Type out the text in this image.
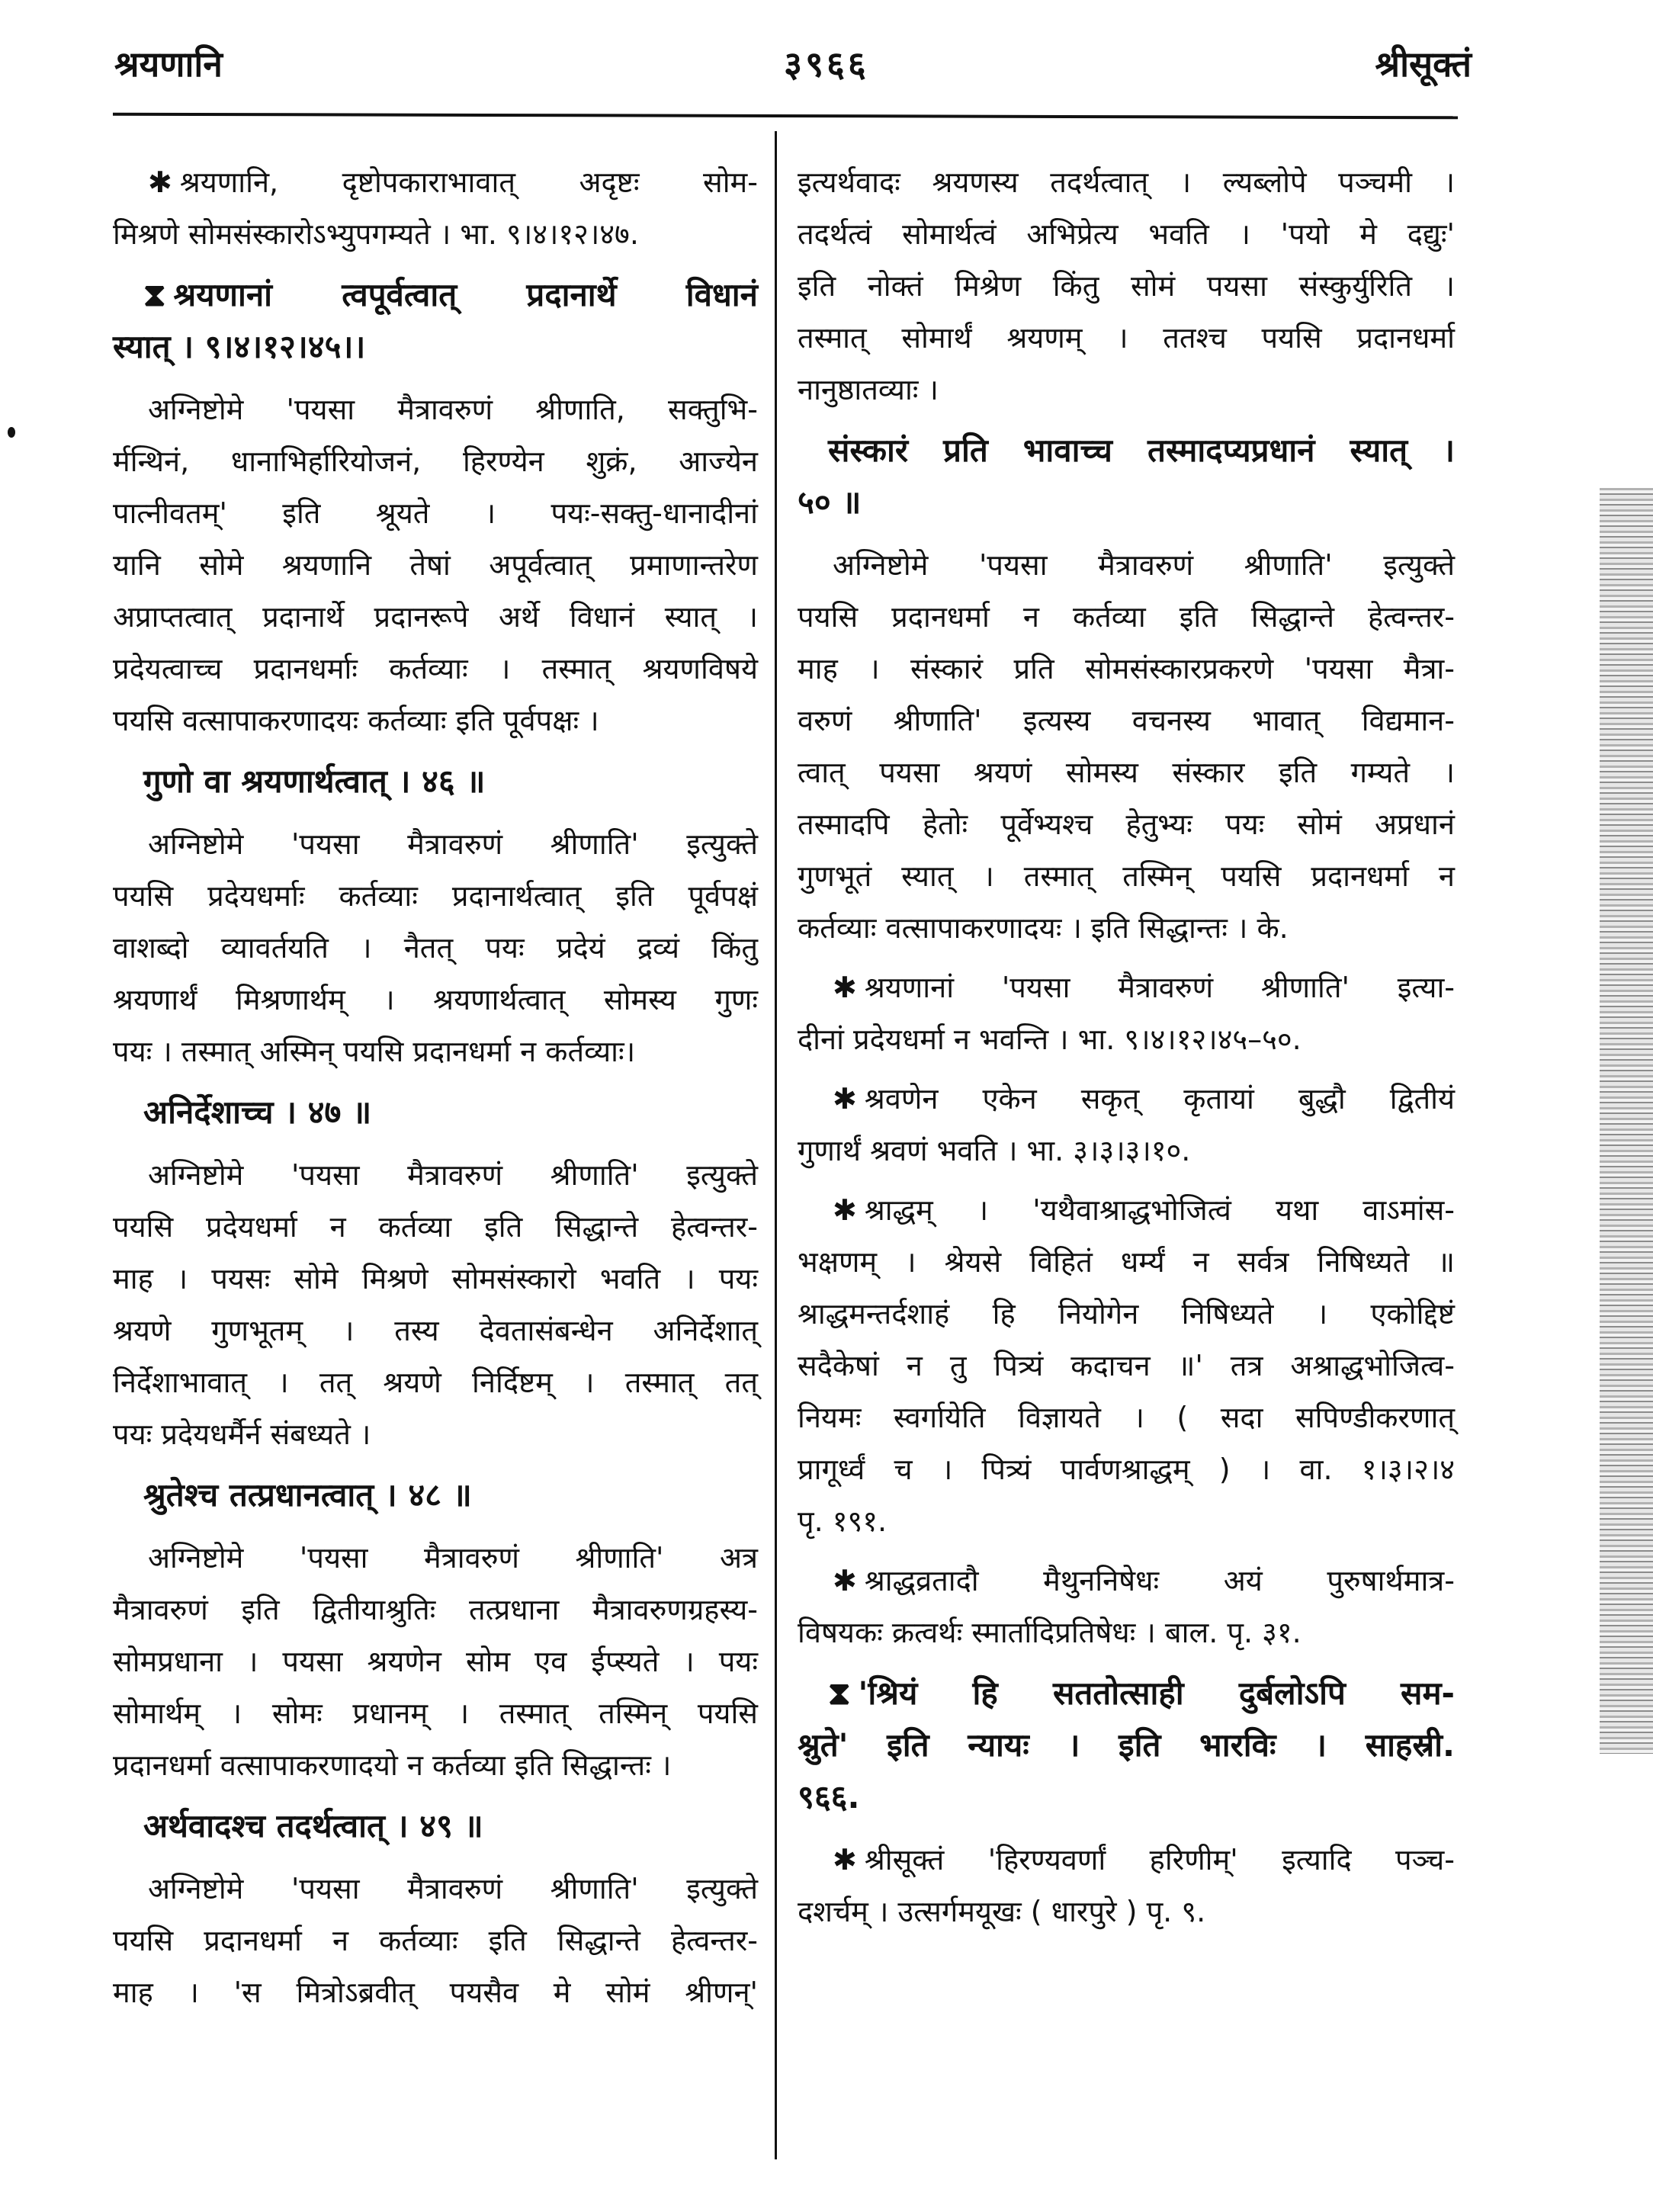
श्रयणानि	३९६६	श्रीसूक्तं
✱ श्रयणानि, दृष्टोपकाराभावात् अदृष्टः सोम-
मिश्रणे सोमसंस्कारोऽभ्युपगम्यते । भा. ९।४।१२।४७.
⧗ श्रयणानां त्वपूर्वत्वात् प्रदानार्थे विधानं
स्यात् । ९।४।१२।४५।।
अग्निष्टोमे 'पयसा मैत्रावरुणं श्रीणाति, सक्तुभि-
र्मन्थिनं, धानाभिर्हारियोजनं, हिरण्येन शुक्रं, आज्येन
पात्नीवतम्' इति श्रूयते । पयः-सक्तु-धानादीनां
यानि सोमे श्रयणानि तेषां अपूर्वत्वात् प्रमाणान्तरेण
अप्राप्तत्वात् प्रदानार्थे प्रदानरूपे अर्थे विधानं स्यात् ।
प्रदेयत्वाच्च प्रदानधर्माः कर्तव्याः । तस्मात् श्रयणविषये
पयसि वत्सापाकरणादयः कर्तव्याः इति पूर्वपक्षः ।
गुणो वा श्रयणार्थत्वात् । ४६ ॥
अग्निष्टोमे 'पयसा मैत्रावरुणं श्रीणाति' इत्युक्ते
पयसि प्रदेयधर्माः कर्तव्याः प्रदानार्थत्वात् इति पूर्वपक्षं
वाशब्दो व्यावर्तयति । नैतत् पयः प्रदेयं द्रव्यं किंतु
श्रयणार्थं मिश्रणार्थम् । श्रयणार्थत्वात् सोमस्य गुणः
पयः । तस्मात् अस्मिन् पयसि प्रदानधर्मा न कर्तव्याः।
अनिर्देशाच्च । ४७ ॥
अग्निष्टोमे 'पयसा मैत्रावरुणं श्रीणाति' इत्युक्ते
पयसि प्रदेयधर्मा न कर्तव्या इति सिद्धान्ते हेत्वन्तर-
माह । पयसः सोमे मिश्रणे सोमसंस्कारो भवति । पयः
श्रयणे गुणभूतम् । तस्य देवतासंबन्धेन अनिर्देशात्
निर्देशाभावात् । तत् श्रयणे निर्दिष्टम् । तस्मात् तत्
पयः प्रदेयधर्मैर्न संबध्यते ।
श्रुतेश्च तत्प्रधानत्वात् । ४८ ॥
अग्निष्टोमे 'पयसा मैत्रावरुणं श्रीणाति' अत्र
मैत्रावरुणं इति द्वितीयाश्रुतिः तत्प्रधाना मैत्रावरुणग्रहस्य-
सोमप्रधाना । पयसा श्रयणेन सोम एव ईप्स्यते । पयः
सोमार्थम् । सोमः प्रधानम् । तस्मात् तस्मिन् पयसि
प्रदानधर्मा वत्सापाकरणादयो न कर्तव्या इति सिद्धान्तः ।
अर्थवादश्च तदर्थत्वात् । ४९ ॥
अग्निष्टोमे 'पयसा मैत्रावरुणं श्रीणाति' इत्युक्ते
पयसि प्रदानधर्मा न कर्तव्याः इति सिद्धान्ते हेत्वन्तर-
माह । 'स मित्रोऽब्रवीत् पयसैव मे सोमं श्रीणन्'
इत्यर्थवादः श्रयणस्य तदर्थत्वात् । ल्यब्लोपे पञ्चमी ।
तदर्थत्वं सोमार्थत्वं अभिप्रेत्य भवति । 'पयो मे दद्युः'
इति नोक्तं मिश्रेण किंतु सोमं पयसा संस्कुर्युरिति ।
तस्मात् सोमार्थं श्रयणम् । ततश्च पयसि प्रदानधर्मा
नानुष्ठातव्याः ।
संस्कारं प्रति भावाच्च तस्मादप्यप्रधानं स्यात् ।
५० ॥
अग्निष्टोमे 'पयसा मैत्रावरुणं श्रीणाति' इत्युक्ते
पयसि प्रदानधर्मा न कर्तव्या इति सिद्धान्ते हेत्वन्तर-
माह । संस्कारं प्रति सोमसंस्कारप्रकरणे 'पयसा मैत्रा-
वरुणं श्रीणाति' इत्यस्य वचनस्य भावात् विद्यमान-
त्वात् पयसा श्रयणं सोमस्य संस्कार इति गम्यते ।
तस्मादपि हेतोः पूर्वेभ्यश्च हेतुभ्यः पयः सोमं अप्रधानं
गुणभूतं स्यात् । तस्मात् तस्मिन् पयसि प्रदानधर्मा न
कर्तव्याः वत्सापाकरणादयः । इति सिद्धान्तः । के.
✱ श्रयणानां 'पयसा मैत्रावरुणं श्रीणाति' इत्या-
दीनां प्रदेयधर्मा न भवन्ति । भा. ९।४।१२।४५–५०.
✱ श्रवणेन एकेन सकृत् कृतायां बुद्धौ द्वितीयं
गुणार्थं श्रवणं भवति । भा. ३।३।३।१०.
✱ श्राद्धम् । 'यथैवाश्राद्धभोजित्वं यथा वाऽमांस-
भक्षणम् । श्रेयसे विहितं धर्म्यं न सर्वत्र निषिध्यते ॥
श्राद्धमन्तर्दशाहं हि नियोगेन निषिध्यते । एकोद्दिष्टं
सदैकेषां न तु पित्र्यं कदाचन ॥' तत्र अश्राद्धभोजित्व-
नियमः स्वर्गायेति विज्ञायते । ( सदा सपिण्डीकरणात्
प्रागूर्ध्वं च । पित्र्यं पार्वणश्राद्धम् ) । वा. १।३।२।४
पृ. १९१.
✱ श्राद्धव्रतादौ मैथुननिषेधः अयं पुरुषार्थमात्र-
विषयकः क्रत्वर्थः स्मार्तादिप्रतिषेधः । बाल. पृ. ३१.
⧗ 'श्रियं हि सततोत्साही दुर्बलोऽपि सम-
श्नुते' इति न्यायः । इति भारविः । साहस्री.
९६६.
✱ श्रीसूक्तं 'हिरण्यवर्णां हरिणीम्' इत्यादि पञ्च-
दशर्चम् । उत्सर्गमयूखः ( धारपुरे ) पृ. ९.
